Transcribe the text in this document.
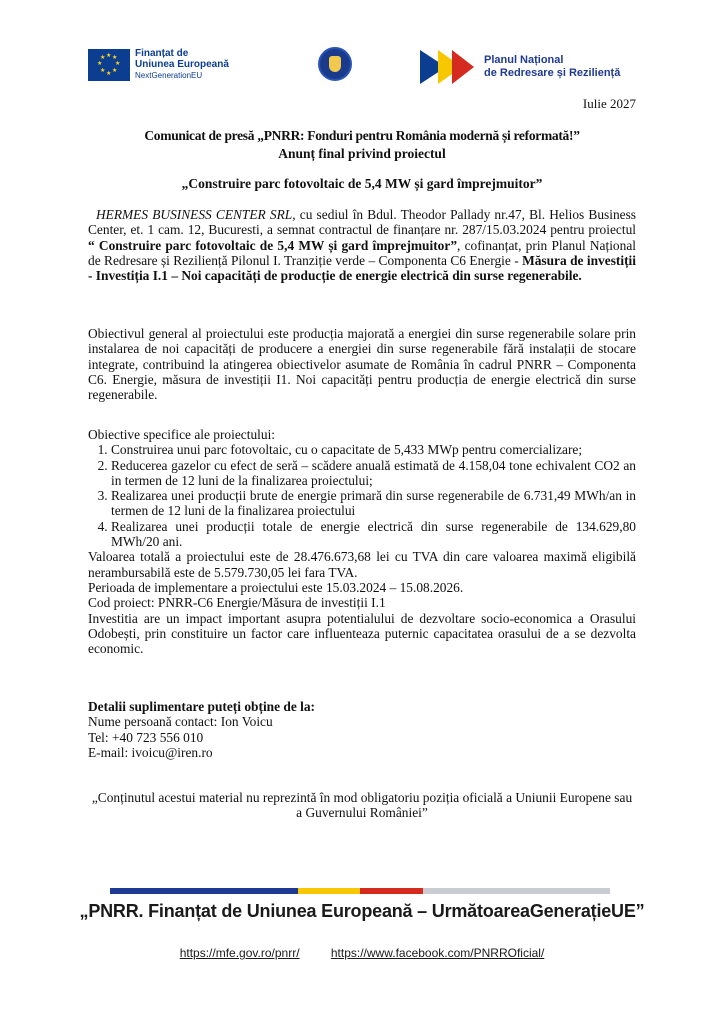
★ ★
★
★
★
★
★
★	Finanțat de
Uniunea Europeană
NextGenerationEU
Planul Național
de Redresare și Reziliență
Iulie 2027
Comunicat de presă „PNRR: Fonduri pentru România modernă și reformată!”
Anunț final privind proiectul
„Construire parc fotovoltaic de 5,4 MW și gard împrejmuitor”
HERMES BUSINESS CENTER SRL, cu sediul în Bdul. Theodor Pallady nr.47, Bl. Helios Business Center, et. 1 cam. 12, Bucuresti, a semnat contractul de finanțare nr. 287/15.03.2024 pentru proiectul “ Construire parc fotovoltaic de 5,4 MW și gard împrejmuitor”, cofinanțat, prin Planul Național de Redresare și Reziliență Pilonul I. Tranziție verde – Componenta C6 Energie - Măsura de investiții - Investiția I.1 – Noi capacități de producție de energie electrică din surse regenerabile.
Obiectivul general al proiectului este producția majorată a energiei din surse regenerabile solare prin instalarea de noi capacități de producere a energiei din surse regenerabile fără instalații de stocare integrate, contribuind la atingerea obiectivelor asumate de România în cadrul PNRR – Componenta C6. Energie, măsura de investiții I1. Noi capacități pentru producția de energie electrică din surse regenerabile.
Obiective specifice ale proiectului:
1. Construirea unui parc fotovoltaic, cu o capacitate de 5,433 MWp pentru comercializare;
2. Reducerea gazelor cu efect de seră – scădere anuală estimată de 4.158,04 tone echivalent CO2 an in termen de 12 luni de la finalizarea proiectului;
3. Realizarea unei producții brute de energie primară din surse regenerabile de 6.731,49 MWh/an in termen de 12 luni de la finalizarea proiectului
4. Realizarea unei producții totale de energie electrică din surse regenerabile de 134.629,80 MWh/20 ani.
Valoarea totală a proiectului este de 28.476.673,68 lei cu TVA din care valoarea maximă eligibilă nerambursabilă este de 5.579.730,05 lei fara TVA.
Perioada de implementare a proiectului este 15.03.2024 – 15.08.2026.
Cod proiect: PNRR-C6 Energie/Măsura de investiții I.1
Investitia are un impact important asupra potentialului de dezvoltare socio-economica a Orasului Odobești, prin constituire un factor care influenteaza puternic capacitatea orasului de a se dezvolta economic.
Detalii suplimentare puteți obține de la:
Nume persoană contact: Ion Voicu
Tel: +40 723 556 010
E-mail: ivoicu@iren.ro
„Conținutul acestui material nu reprezintă în mod obligatoriu poziția oficială a Uniunii Europene sau a Guvernului României”
„PNRR. Finanțat de Uniunea Europeană – UrmătoareaGenerațieUE”
https://mfe.gov.ro/pnrr/	https://www.facebook.com/PNRROficial/
